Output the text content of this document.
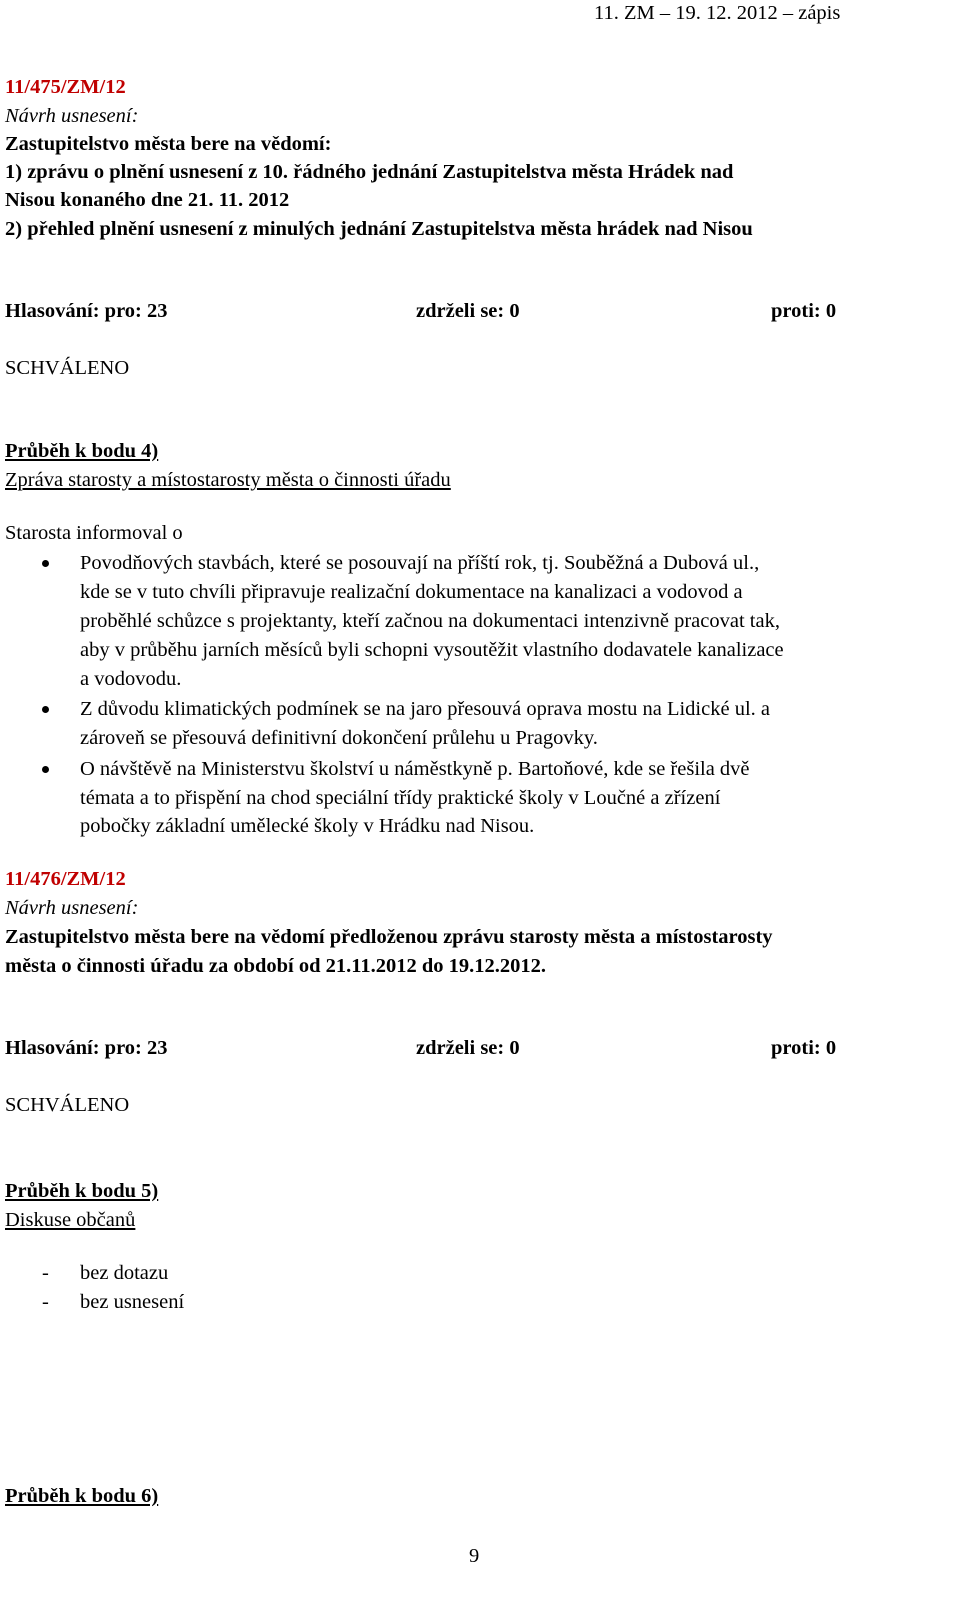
11. ZM – 19. 12. 2012 – zápis
11/475/ZM/12
Návrh usnesení:
Zastupitelstvo města bere na vědomí:
1) zprávu o plnění usnesení z 10. řádného jednání Zastupitelstva města Hrádek nad
Nisou konaného dne 21. 11. 2012
2) přehled plnění usnesení z minulých jednání Zastupitelstva města hrádek nad Nisou
Hlasování: pro: 23	zdrželi se: 0	proti: 0
SCHVÁLENO
Průběh k bodu 4)
Zpráva starosty a místostarosty města o činnosti úřadu
Starosta informoval o
Povodňových stavbách, které se posouvají na příští rok, tj. Souběžná a Dubová ul.,
kde se v tuto chvíli připravuje realizační dokumentace na kanalizaci a vodovod a
proběhlé schůzce s projektanty, kteří začnou na dokumentaci intenzivně pracovat tak,
aby v průběhu jarních měsíců byli schopni vysoutěžit vlastního dodavatele kanalizace
a vodovodu.
Z důvodu klimatických podmínek se na jaro přesouvá oprava mostu na Lidické ul. a
zároveň se přesouvá definitivní dokončení průlehu u Pragovky.
O návštěvě na Ministerstvu školství u náměstkyně p. Bartoňové, kde se řešila dvě
témata a to přispění na chod speciální třídy praktické školy v Loučné a zřízení
pobočky základní umělecké školy v Hrádku nad Nisou.
11/476/ZM/12
Návrh usnesení:
Zastupitelstvo města bere na vědomí předloženou zprávu starosty města a místostarosty
města o činnosti úřadu za období od 21.11.2012 do 19.12.2012.
Hlasování: pro: 23	zdrželi se: 0	proti: 0
SCHVÁLENO
Průběh k bodu 5)
Diskuse občanů
- bez dotazu
- bez usnesení
Průběh k bodu 6)
9
